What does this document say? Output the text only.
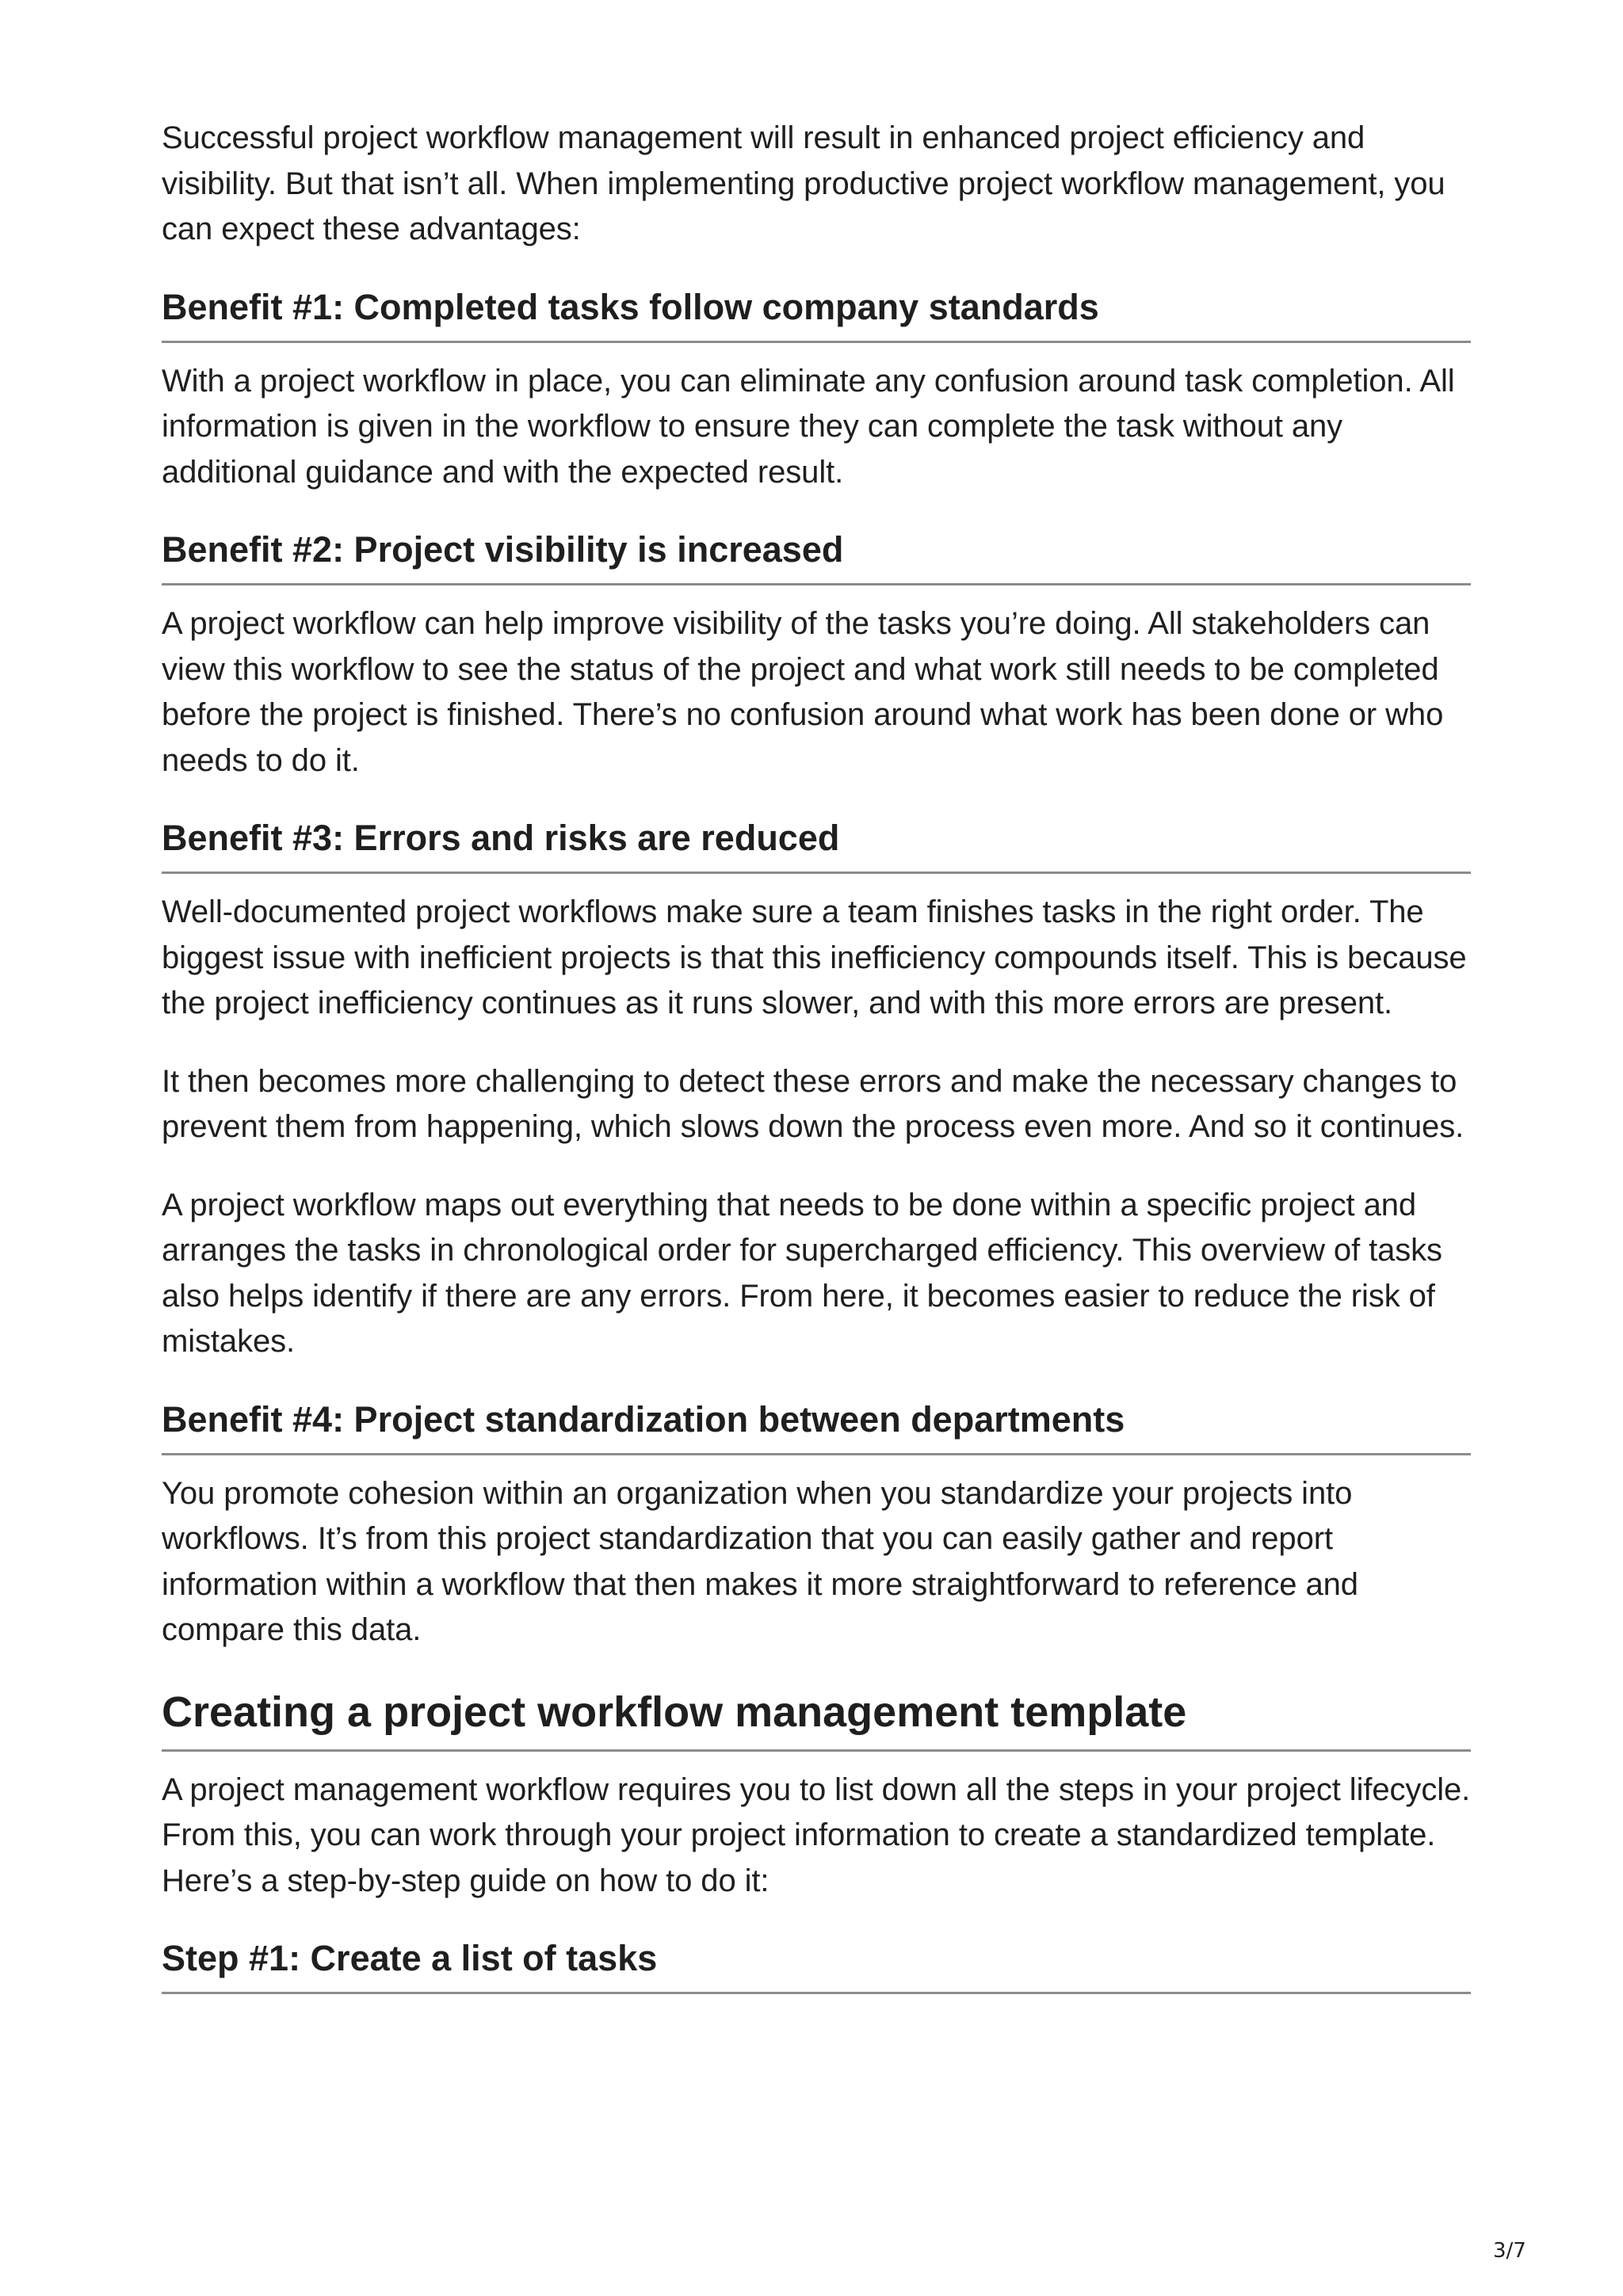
Successful project workflow management will result in enhanced project efficiency and visibility. But that isn’t all. When implementing productive project workflow management, you can expect these advantages:

Benefit #1: Completed tasks follow company standards

With a project workflow in place, you can eliminate any confusion around task completion. All information is given in the workflow to ensure they can complete the task without any additional guidance and with the expected result.

Benefit #2: Project visibility is increased

A project workflow can help improve visibility of the tasks you’re doing. All stakeholders can view this workflow to see the status of the project and what work still needs to be completed before the project is finished. There’s no confusion around what work has been done or who needs to do it.

Benefit #3: Errors and risks are reduced

Well-documented project workflows make sure a team finishes tasks in the right order. The biggest issue with inefficient projects is that this inefficiency compounds itself. This is because the project inefficiency continues as it runs slower, and with this more errors are present.

It then becomes more challenging to detect these errors and make the necessary changes to prevent them from happening, which slows down the process even more. And so it continues.

A project workflow maps out everything that needs to be done within a specific project and arranges the tasks in chronological order for supercharged efficiency. This overview of tasks also helps identify if there are any errors. From here, it becomes easier to reduce the risk of mistakes.

Benefit #4: Project standardization between departments

You promote cohesion within an organization when you standardize your projects into workflows. It’s from this project standardization that you can easily gather and report information within a workflow that then makes it more straightforward to reference and compare this data.

Creating a project workflow management template

A project management workflow requires you to list down all the steps in your project lifecycle. From this, you can work through your project information to create a standardized template. Here’s a step-by-step guide on how to do it:

Step #1: Create a list of tasks
3/7
